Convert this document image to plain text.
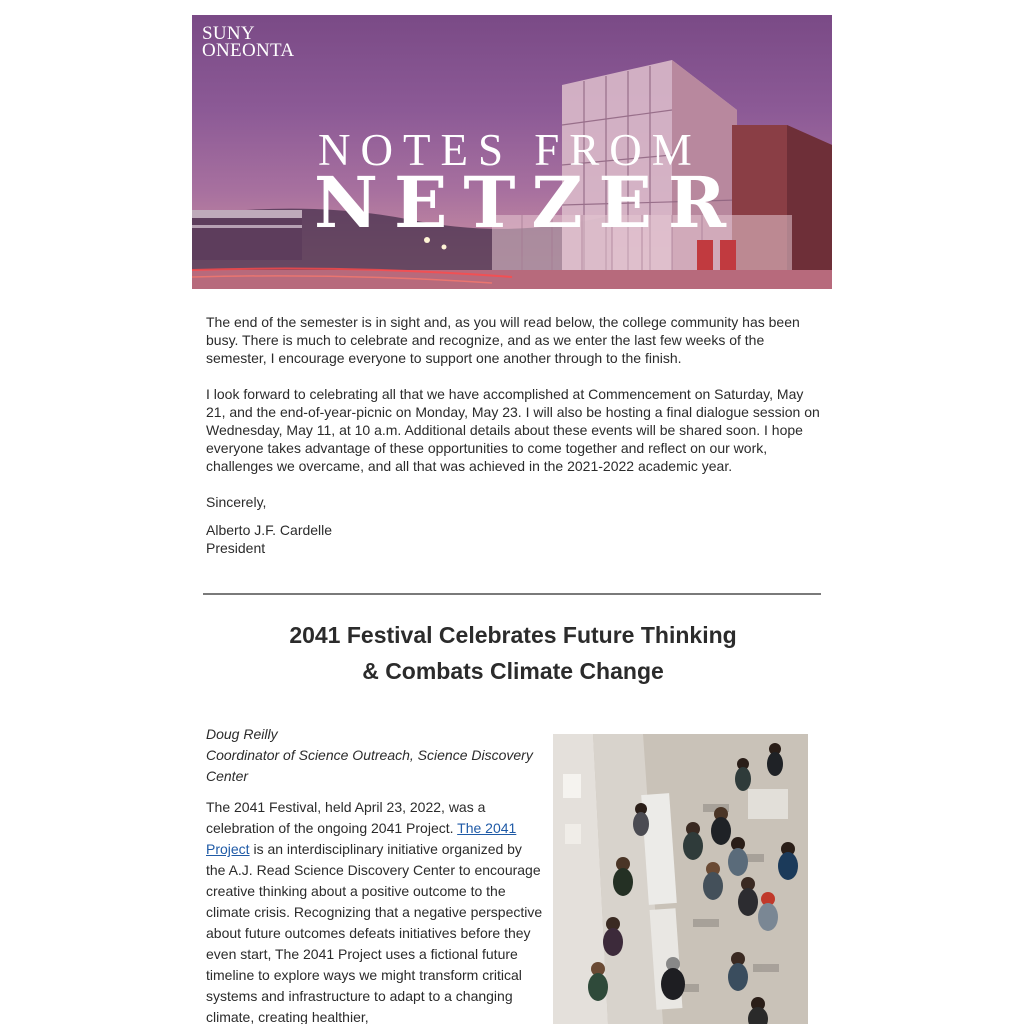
SUNY
ONEONTA
NOTES FROM
NETZER

The end of the semester is in sight and, as you will read below, the college community has been busy. There is much to celebrate and recognize, and as we enter the last few weeks of the semester, I encourage everyone to support one another through to the finish.

I look forward to celebrating all that we have accomplished at Commencement on Saturday, May 21, and the end-of-year-picnic on Monday, May 23. I will also be hosting a final dialogue session on Wednesday, May 11, at 10 a.m. Additional details about these events will be shared soon. I hope everyone takes advantage of these opportunities to come together and reflect on our work, challenges we overcame, and all that was achieved in the 2021-2022 academic year.

Sincerely,

Alberto J.F. Cardelle

President

2041 Festival Celebrates Future Thinking
& Combats Climate Change
Doug Reilly
Coordinator of Science Outreach, Science Discovery Center

The 2041 Festival, held April 23, 2022, was a celebration of the ongoing 2041 Project. The 2041 Project is an interdisciplinary initiative organized by the A.J. Read Science Discovery Center to encourage creative thinking about a positive outcome to the climate crisis. Recognizing that a negative perspective about future outcomes defeats initiatives before they even start, The 2041 Project uses a fictional future timeline to explore ways we might transform critical systems and infrastructure to adapt to a changing climate, creating healthier,
